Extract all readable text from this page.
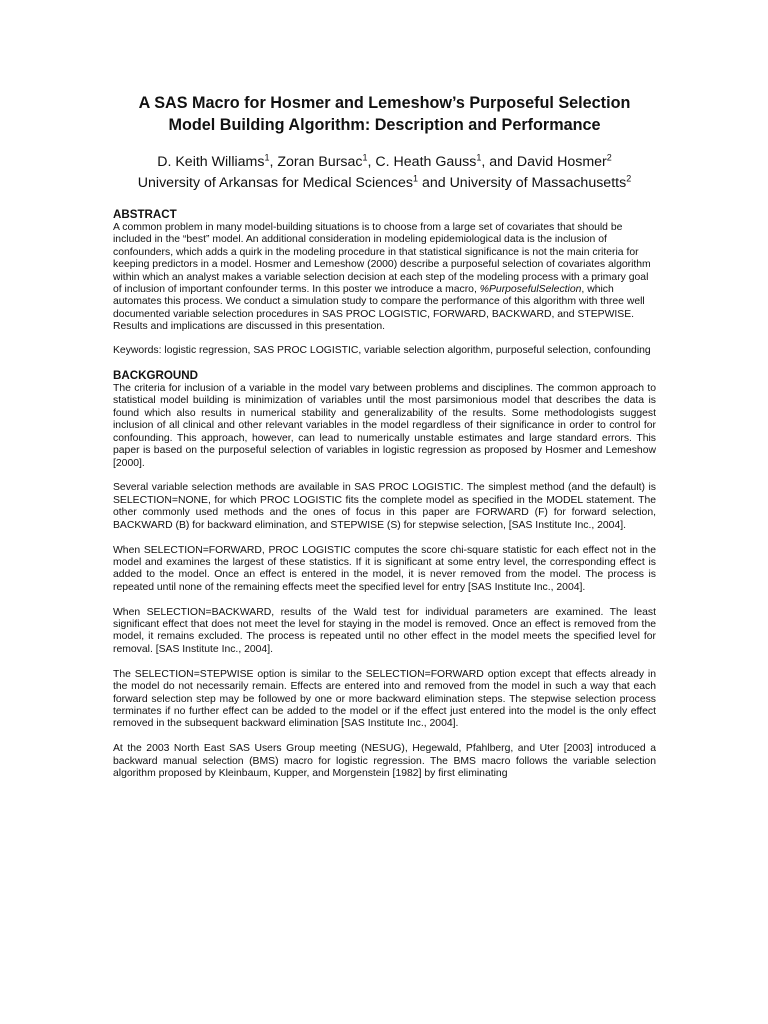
A SAS Macro for Hosmer and Lemeshow’s Purposeful Selection
Model Building Algorithm: Description and Performance
D. Keith Williams$^1$, Zoran Bursac$^1$, C. Heath Gauss$^1$, and David Hosmer$^2$
University of Arkansas for Medical Sciences$^1$ and University of Massachusetts$^2$
ABSTRACT

A common problem in many model-building situations is to choose from a large set of covariates that should be included in the “best” model. An additional consideration in modeling epidemiological data is the inclusion of confounders, which adds a quirk in the modeling procedure in that statistical significance is not the main criteria for keeping predictors in a model. Hosmer and Lemeshow (2000) describe a purposeful selection of covariates algorithm within which an analyst makes a variable selection decision at each step of the modeling process with a primary goal of inclusion of important confounder terms. In this poster we introduce a macro, %PurposefulSelection, which automates this process. We conduct a simulation study to compare the performance of this algorithm with three well documented variable selection procedures in SAS PROC LOGISTIC, FORWARD, BACKWARD, and STEPWISE. Results and implications are discussed in this presentation.

Keywords: logistic regression, SAS PROC LOGISTIC, variable selection algorithm, purposeful selection, confounding

BACKGROUND

The criteria for inclusion of a variable in the model vary between problems and disciplines. The common approach to statistical model building is minimization of variables until the most parsimonious model that describes the data is found which also results in numerical stability and generalizability of the results. Some methodologists suggest inclusion of all clinical and other relevant variables in the model regardless of their significance in order to control for confounding. This approach, however, can lead to numerically unstable estimates and large standard errors. This paper is based on the purposeful selection of variables in logistic regression as proposed by Hosmer and Lemeshow [2000].

Several variable selection methods are available in SAS PROC LOGISTIC. The simplest method (and the default) is SELECTION=NONE, for which PROC LOGISTIC fits the complete model as specified in the MODEL statement. The other commonly used methods and the ones of focus in this paper are FORWARD (F) for forward selection, BACKWARD (B) for backward elimination, and STEPWISE (S) for stepwise selection, [SAS Institute Inc., 2004].

When SELECTION=FORWARD, PROC LOGISTIC computes the score chi-square statistic for each effect not in the model and examines the largest of these statistics. If it is significant at some entry level, the corresponding effect is added to the model. Once an effect is entered in the model, it is never removed from the model. The process is repeated until none of the remaining effects meet the specified level for entry [SAS Institute Inc., 2004].

When SELECTION=BACKWARD, results of the Wald test for individual parameters are examined. The least significant effect that does not meet the level for staying in the model is removed. Once an effect is removed from the model, it remains excluded. The process is repeated until no other effect in the model meets the specified level for removal. [SAS Institute Inc., 2004].

The SELECTION=STEPWISE option is similar to the SELECTION=FORWARD option except that effects already in the model do not necessarily remain. Effects are entered into and removed from the model in such a way that each forward selection step may be followed by one or more backward elimination steps. The stepwise selection process terminates if no further effect can be added to the model or if the effect just entered into the model is the only effect removed in the subsequent backward elimination [SAS Institute Inc., 2004].

At the 2003 North East SAS Users Group meeting (NESUG), Hegewald, Pfahlberg, and Uter [2003] introduced a backward manual selection (BMS) macro for logistic regression. The BMS macro follows the variable selection algorithm proposed by Kleinbaum, Kupper, and Morgenstein [1982] by first eliminating
